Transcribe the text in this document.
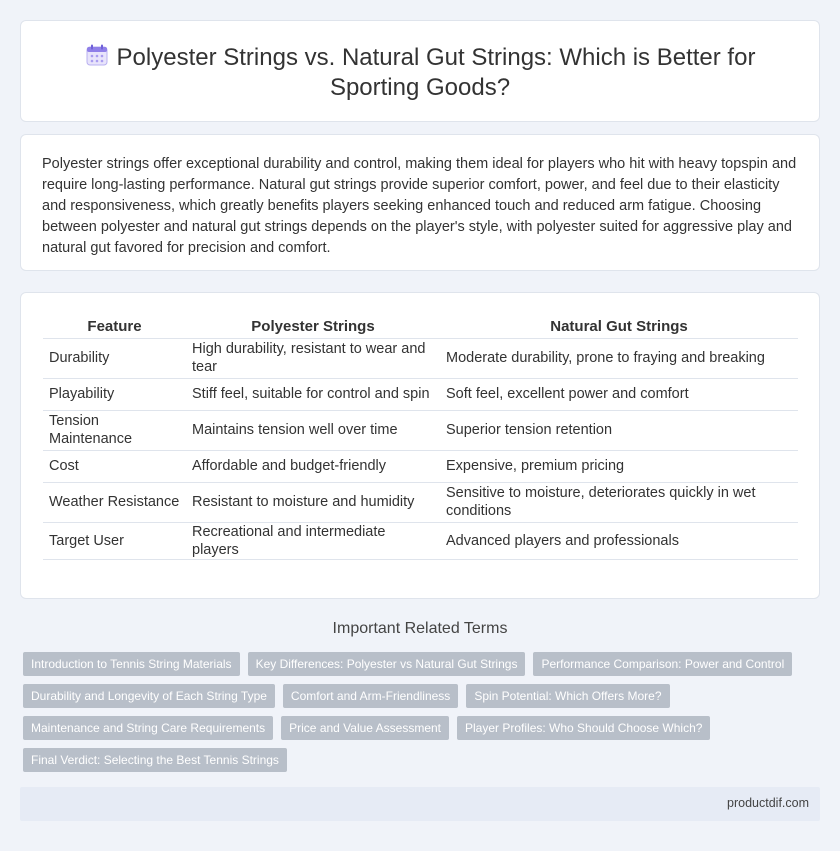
Polyester Strings vs. Natural Gut Strings: Which is Better for
Sporting Goods?

Polyester strings offer exceptional durability and control, making them ideal for players who hit with heavy topspin and require long-lasting performance. Natural gut strings provide superior comfort, power, and feel due to their elasticity and responsiveness, which greatly benefits players seeking enhanced touch and reduced arm fatigue. Choosing between polyester and natural gut strings depends on the player's style, with polyester suited for aggressive play and natural gut favored for precision and comfort.

Feature	Polyester Strings	Natural Gut Strings
Durability	High durability, resistant to wear and tear	Moderate durability, prone to fraying and breaking
Playability	Stiff feel, suitable for control and spin	Soft feel, excellent power and comfort
Tension Maintenance	Maintains tension well over time	Superior tension retention
Cost	Affordable and budget-friendly	Expensive, premium pricing
Weather Resistance	Resistant to moisture and humidity	Sensitive to moisture, deteriorates quickly in wet conditions
Target User	Recreational and intermediate players	Advanced players and professionals
Important Related Terms
Introduction to Tennis String Materials	Key Differences: Polyester vs Natural Gut Strings	Performance Comparison: Power and Control
Durability and Longevity of Each String Type	Comfort and Arm-Friendliness	Spin Potential: Which Offers More?
Maintenance and String Care Requirements	Price and Value Assessment	Player Profiles: Who Should Choose Which?
Final Verdict: Selecting the Best Tennis Strings
productdif.com
